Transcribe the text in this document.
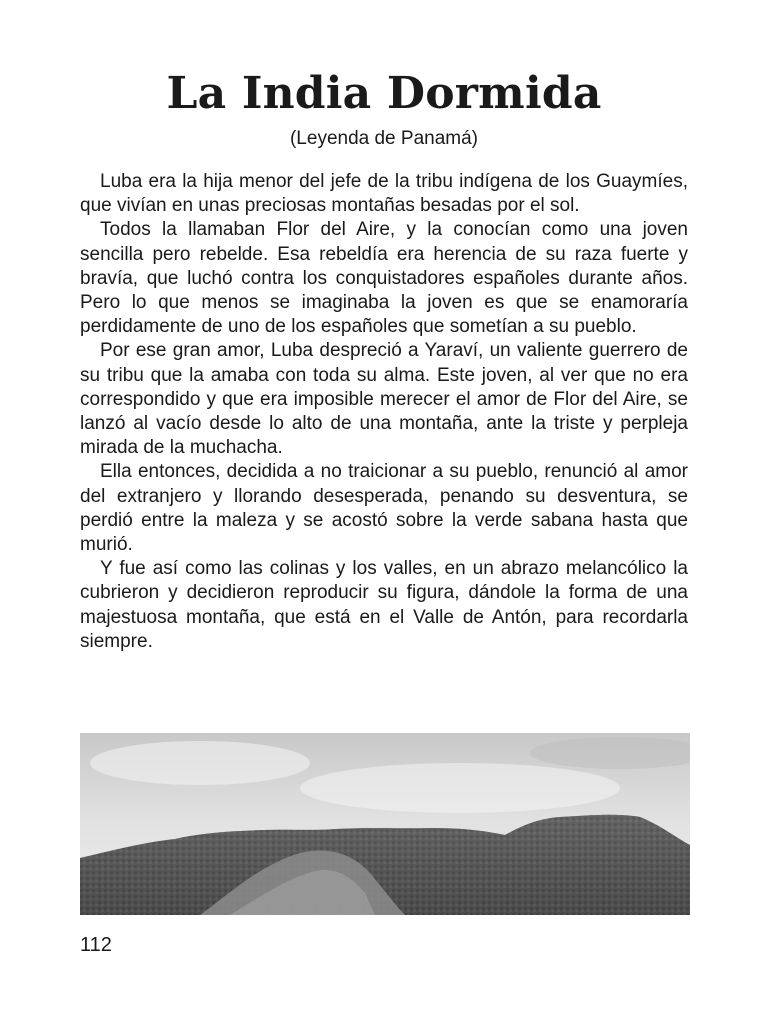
La India Dormida
(Leyenda de Panamá)

Luba era la hija menor del jefe de la tribu indígena de los Guaymíes, que vivían en unas preciosas montañas besadas por el sol.

Todos la llamaban Flor del Aire, y la conocían como una joven sencilla pero rebelde. Esa rebeldía era herencia de su raza fuerte y bravía, que luchó contra los conquistadores españoles durante años. Pero lo que menos se imaginaba la joven es que se enamoraría perdidamente de uno de los españoles que sometían a su pueblo.

Por ese gran amor, Luba despreció a Yaraví, un valiente guerrero de su tribu que la amaba con toda su alma. Este joven, al ver que no era correspondido y que era imposible merecer el amor de Flor del Aire, se lanzó al vacío desde lo alto de una montaña, ante la triste y perpleja mirada de la muchacha.

Ella entonces, decidida a no traicionar a su pueblo, renunció al amor del extranjero y llorando desesperada, penando su desventura, se perdió entre la maleza y se acostó sobre la verde sabana hasta que murió.

Y fue así como las colinas y los valles, en un abrazo melancólico la cubrieron y decidieron reproducir su figura, dándole la forma de una majestuosa montaña, que está en el Valle de Antón, para recordarla siempre.

112
